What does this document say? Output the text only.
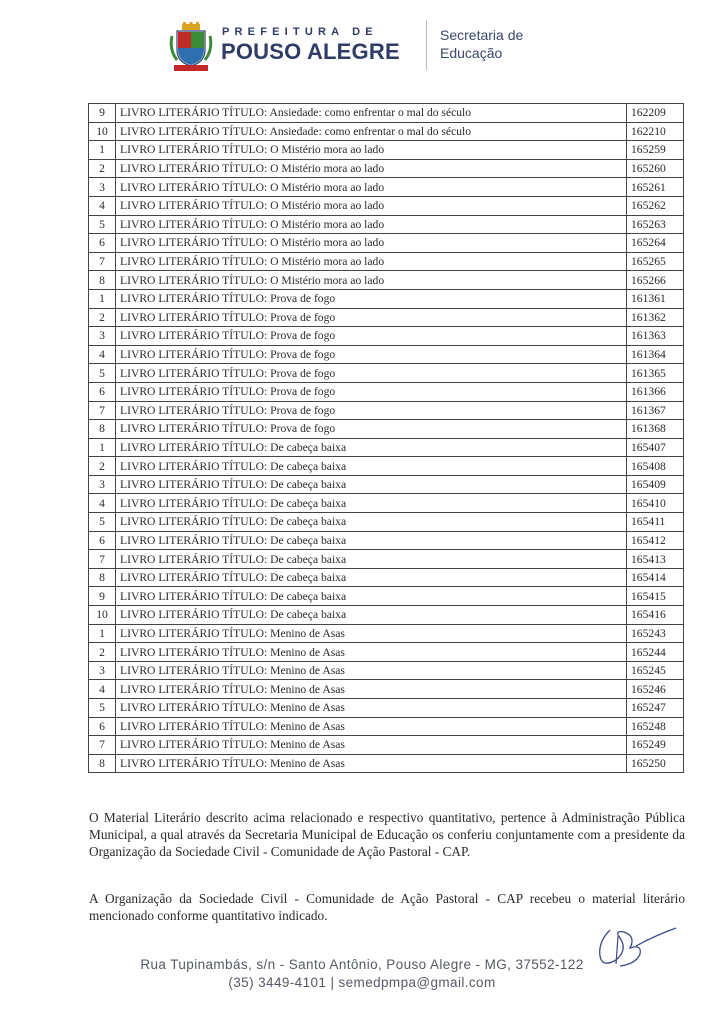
PREFEITURA DE
POUSO ALEGRE
Secretaria de
Educação
9	LIVRO LITERÁRIO TÍTULO: Ansiedade: como enfrentar o mal do século	162209
10	LIVRO LITERÁRIO TÍTULO: Ansiedade: como enfrentar o mal do século	162210
1	LIVRO LITERÁRIO TÍTULO: O Mistério mora ao lado	165259
2	LIVRO LITERÁRIO TÍTULO: O Mistério mora ao lado	165260
3	LIVRO LITERÁRIO TÍTULO: O Mistério mora ao lado	165261
4	LIVRO LITERÁRIO TÍTULO: O Mistério mora ao lado	165262
5	LIVRO LITERÁRIO TÍTULO: O Mistério mora ao lado	165263
6	LIVRO LITERÁRIO TÍTULO: O Mistério mora ao lado	165264
7	LIVRO LITERÁRIO TÍTULO: O Mistério mora ao lado	165265
8	LIVRO LITERÁRIO TÍTULO: O Mistério mora ao lado	165266
1	LIVRO LITERÁRIO TÍTULO: Prova de fogo	161361
2	LIVRO LITERÁRIO TÍTULO: Prova de fogo	161362
3	LIVRO LITERÁRIO TÍTULO: Prova de fogo	161363
4	LIVRO LITERÁRIO TÍTULO: Prova de fogo	161364
5	LIVRO LITERÁRIO TÍTULO: Prova de fogo	161365
6	LIVRO LITERÁRIO TÍTULO: Prova de fogo	161366
7	LIVRO LITERÁRIO TÍTULO: Prova de fogo	161367
8	LIVRO LITERÁRIO TÍTULO: Prova de fogo	161368
1	LIVRO LITERÁRIO TÍTULO: De cabeça baixa	165407
2	LIVRO LITERÁRIO TÍTULO: De cabeça baixa	165408
3	LIVRO LITERÁRIO TÍTULO: De cabeça baixa	165409
4	LIVRO LITERÁRIO TÍTULO: De cabeça baixa	165410
5	LIVRO LITERÁRIO TÍTULO: De cabeça baixa	165411
6	LIVRO LITERÁRIO TÍTULO: De cabeça baixa	165412
7	LIVRO LITERÁRIO TÍTULO: De cabeça baixa	165413
8	LIVRO LITERÁRIO TÍTULO: De cabeça baixa	165414
9	LIVRO LITERÁRIO TÍTULO: De cabeça baixa	165415
10	LIVRO LITERÁRIO TÍTULO: De cabeça baixa	165416
1	LIVRO LITERÁRIO TÍTULO: Menino de Asas	165243
2	LIVRO LITERÁRIO TÍTULO: Menino de Asas	165244
3	LIVRO LITERÁRIO TÍTULO: Menino de Asas	165245
4	LIVRO LITERÁRIO TÍTULO: Menino de Asas	165246
5	LIVRO LITERÁRIO TÍTULO: Menino de Asas	165247
6	LIVRO LITERÁRIO TÍTULO: Menino de Asas	165248
7	LIVRO LITERÁRIO TÍTULO: Menino de Asas	165249
8	LIVRO LITERÁRIO TÍTULO: Menino de Asas	165250

O Material Literário descrito acima relacionado e respectivo quantitativo, pertence à Administração Pública Municipal, a qual através da Secretaria Municipal de Educação os conferiu conjuntamente com a presidente da Organização da Sociedade Civil - Comunidade de Ação Pastoral - CAP.

A Organização da Sociedade Civil - Comunidade de Ação Pastoral - CAP recebeu o material literário mencionado conforme quantitativo indicado.

Rua Tupinambás, s/n - Santo Antônio, Pouso Alegre - MG, 37552-122
(35) 3449-4101 | semedpmpa@gmail.com
